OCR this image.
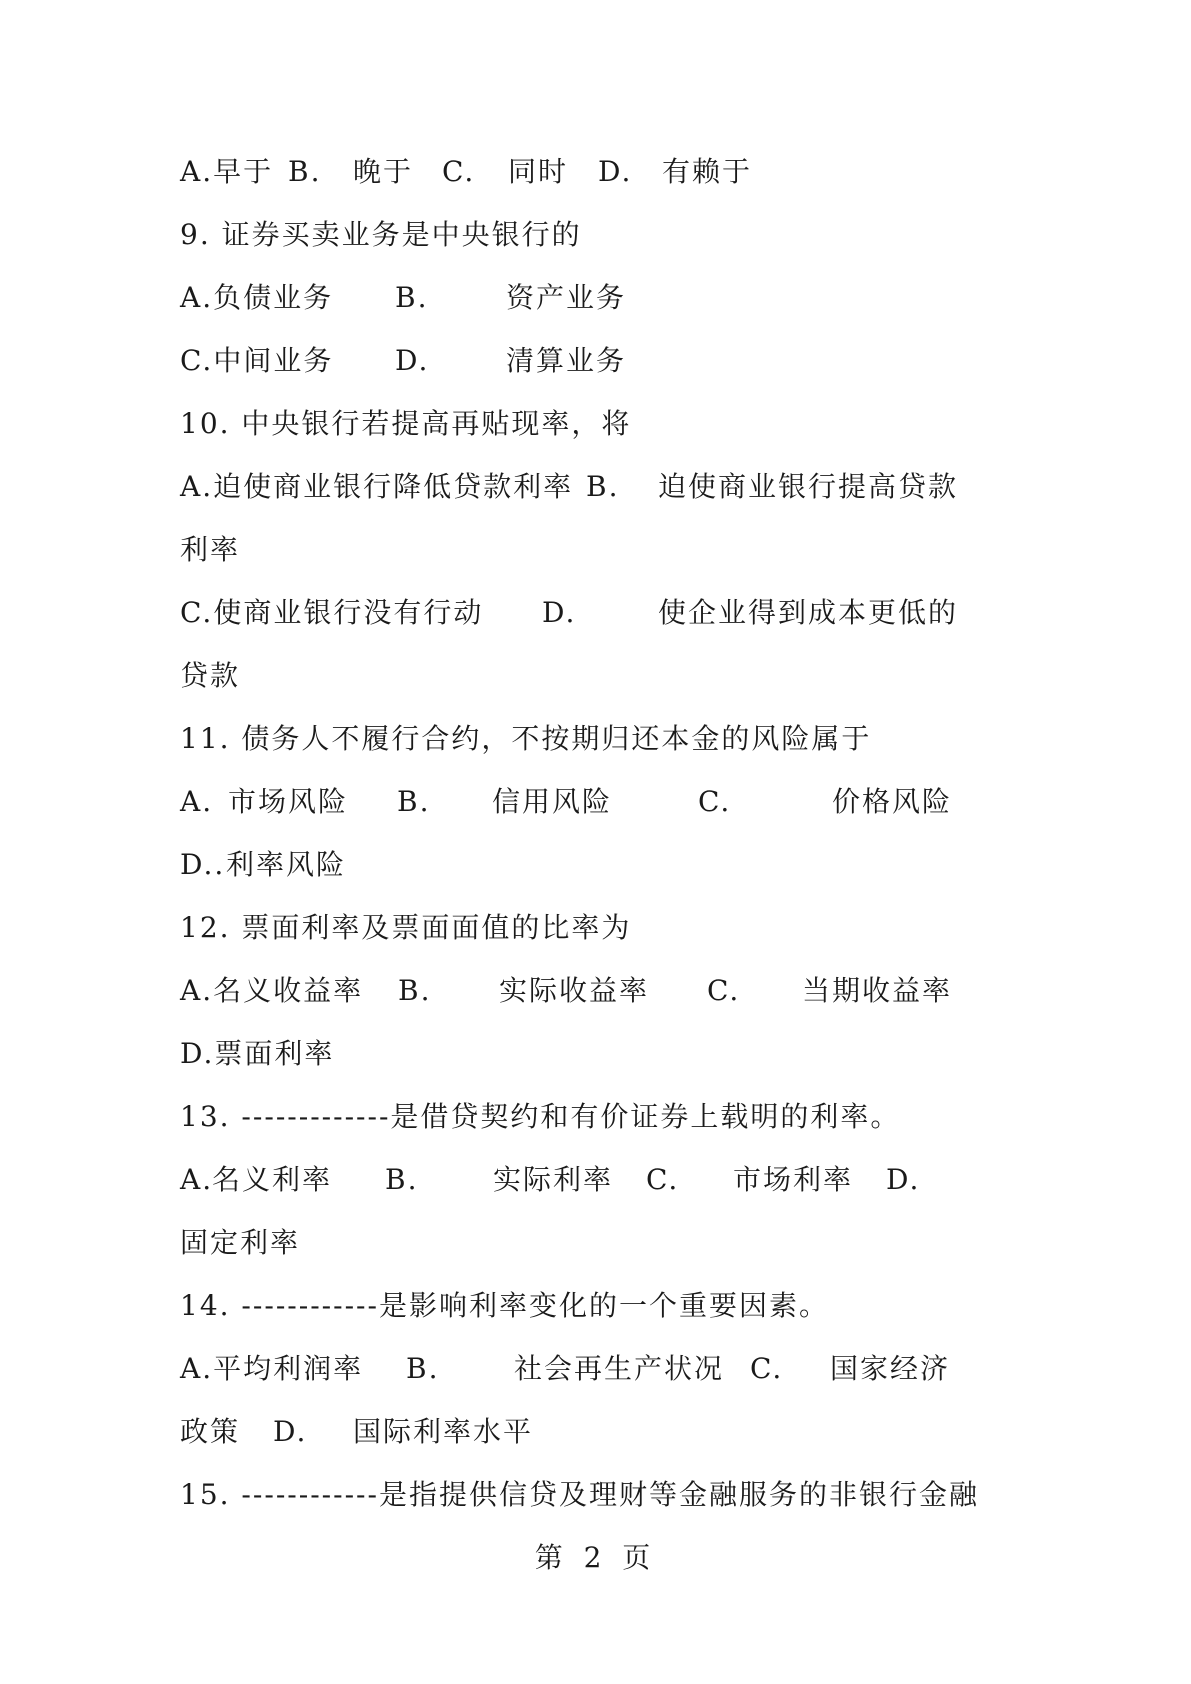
A.早于 B. 晚于 C. 同时 D. 有赖于
9. 证券买卖业务是中央银行的
A.负债业务 B.	资产业务
C.中间业务 D.	清算业务
10. 中央银行若提高再贴现率，将
A.迫使商业银行降低贷款利率 B. 迫使商业银行提高贷款
利率
C.使商业银行没有行动 D.	使企业得到成本更低的
贷款
11. 债务人不履行合约，不按期归还本金的风险属于
A. 市场风险 B. 信用风险	C.	价格风险
D.. 利率风险
12. 票面利率及票面面值的比率为
A.名义收益率 B. 实际收益率 C. 当期收益率
D.票面利率
13. -------------是借贷契约和有价证券上载明的利率。
A.
名义利率 B.	实际利率 C. 市场利率 D.
固定利率
14. ------------是影响利率变化的一个重要因素。
A.平均利润率 B.	社会再生产状况 C. 国家经济
政策 D. 国际利率水平
15. ------------是指提供信贷及理财等金融服务的非银行金融
第 2 页
